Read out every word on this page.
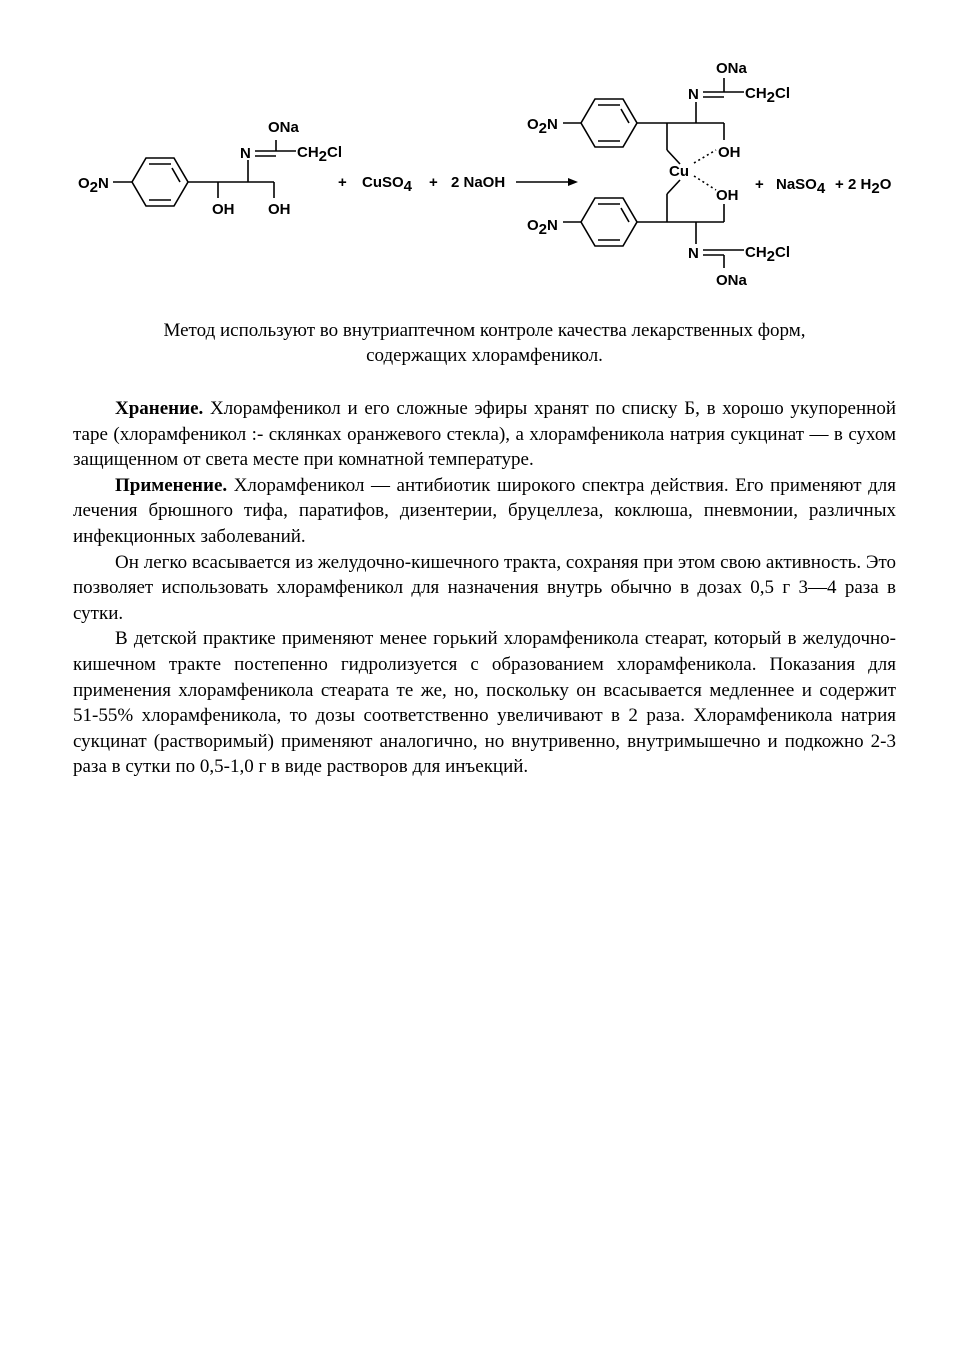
O2N
OH OH
N
ONa
CH2Cl
+ CuSO4 + 2 NaOH
O2N
N
ONa
CH2Cl
OH
Cu
OH
O2N
N	CH2Cl
ONa
+ NaSO4 + 2 H2O

Метод используют во внутриаптечном контроле качества лекарственных форм,

содержащих хлорамфеникол.

Хранение. Хлорамфеникол и его сложные эфиры хранят по списку Б, в хорошо укупоренной таре (хлорамфеникол :- склянках оранжевого стекла), а хлорамфеникола натрия сукцинат — в сухом защищенном от света месте при комнатной температуре.

Применение. Хлорамфеникол — антибиотик широкого спектра действия. Его применяют для лечения брюшного тифа, паратифов, дизентерии, бруцеллеза, коклюша, пневмонии, различных инфекционных заболеваний.

Он легко всасывается из желудочно-кишечного тракта, сохраняя при этом свою активность. Это позволяет использовать хлорамфеникол для назначения внутрь обычно в дозах 0,5 г 3—4 раза в сутки.

В детской практике применяют менее горький хлорамфеникола стеарат, который в желудочно-кишечном тракте постепенно гидролизуется с образованием хлорамфеникола. Показания для применения хлорамфеникола стеарата те же, но, поскольку он всасывается медленнее и содержит 51-55% хлорамфеникола, то дозы соответственно увеличивают в 2 раза. Хлорамфеникола натрия сукцинат (растворимый) применяют аналогично, но внутривенно, внутримышечно и подкожно 2-3 раза в сутки по 0,5-1,0 г в виде растворов для инъекций.
